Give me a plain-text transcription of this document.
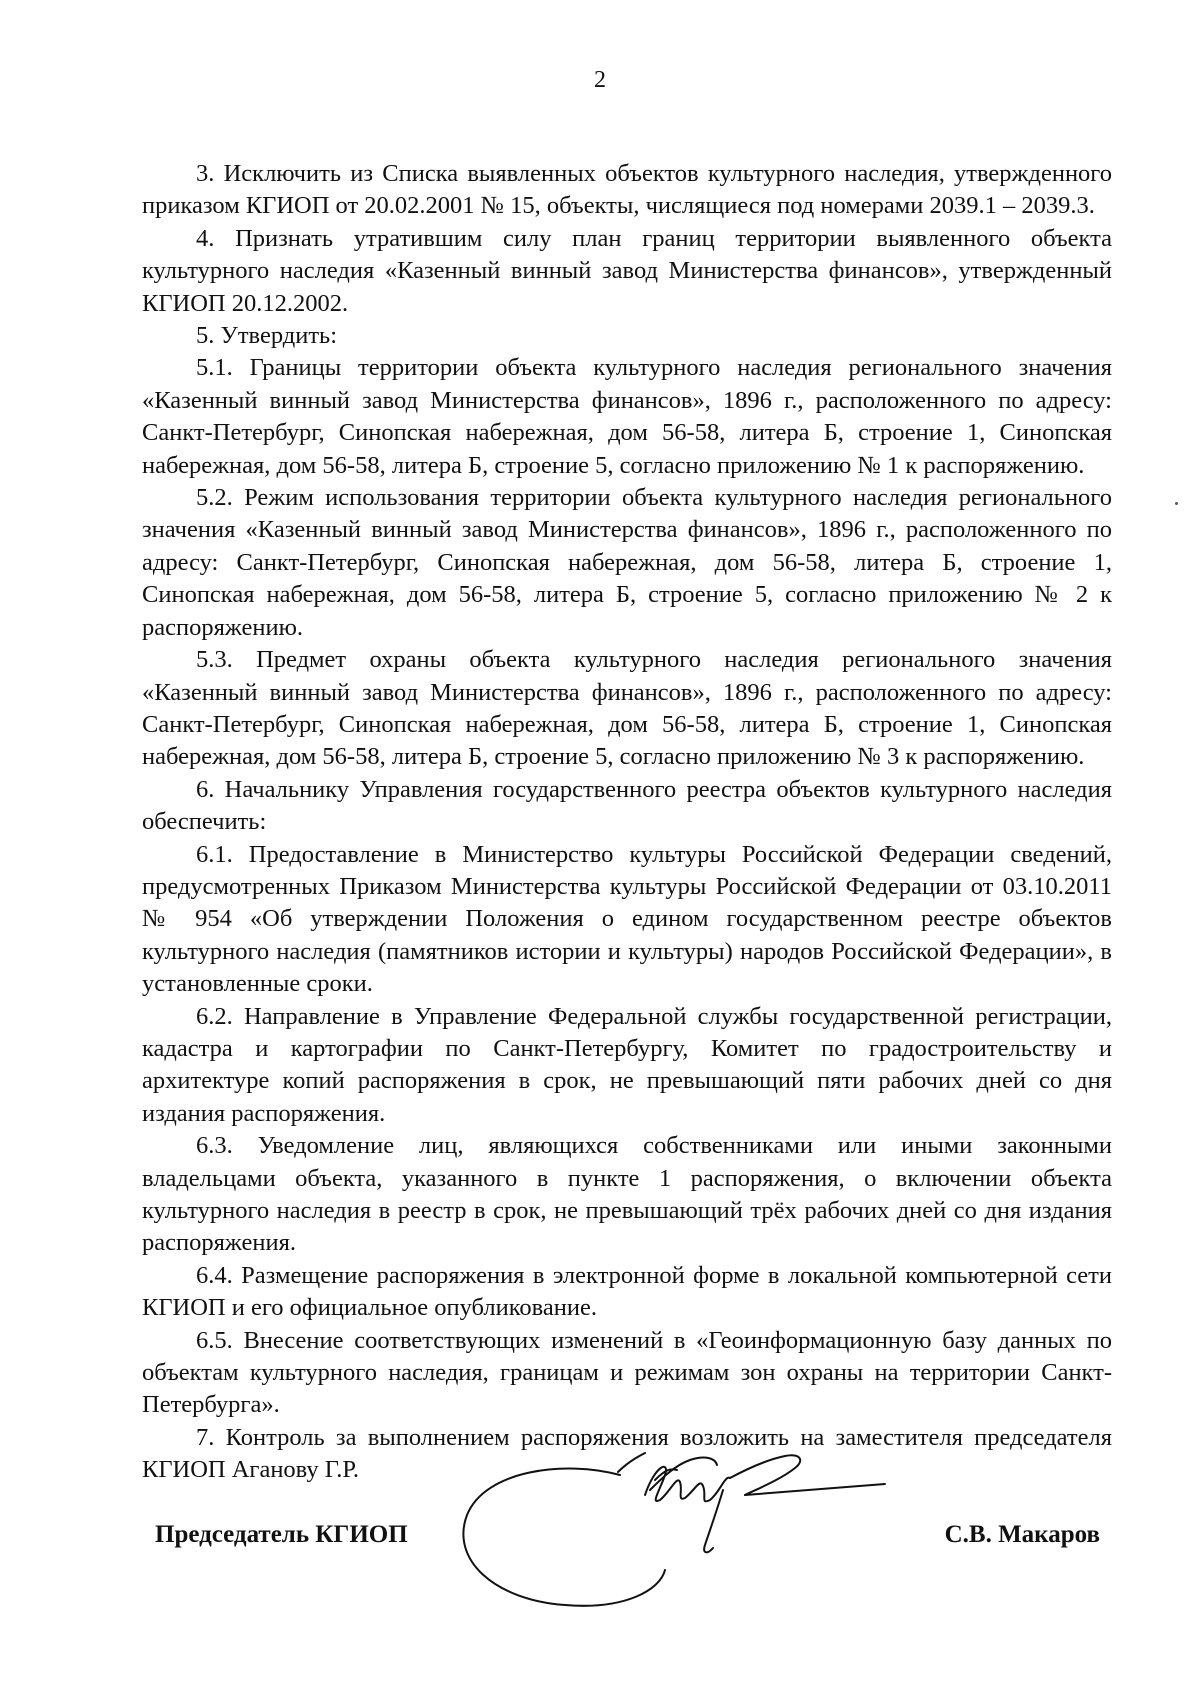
2

3. Исключить из Списка выявленных объектов культурного наследия, утвержденного приказом КГИОП от 20.02.2001 № 15, объекты, числящиеся под номерами 2039.1 – 2039.3.

4. Признать утратившим силу план границ территории выявленного объекта культурного наследия «Казенный винный завод Министерства финансов», утвержденный КГИОП 20.12.2002.

5. Утвердить:

5.1. Границы территории объекта культурного наследия регионального значения «Казенный винный завод Министерства финансов», 1896 г., расположенного по адресу: Санкт-Петербург, Синопская набережная, дом 56-58, литера Б, строение 1, Синопская набережная, дом 56-58, литера Б, строение 5, согласно приложению № 1 к распоряжению.

5.2. Режим использования территории объекта культурного наследия регионального значения «Казенный винный завод Министерства финансов», 1896 г., расположенного по адресу: Санкт-Петербург, Синопская набережная, дом 56-58, литера Б, строение 1, Синопская набережная, дом 56-58, литера Б, строение 5, согласно приложению № 2 к распоряжению.

5.3. Предмет охраны объекта культурного наследия регионального значения «Казенный винный завод Министерства финансов», 1896 г., расположенного по адресу: Санкт-Петербург, Синопская набережная, дом 56-58, литера Б, строение 1, Синопская набережная, дом 56-58, литера Б, строение 5, согласно приложению № 3 к распоряжению.

6. Начальнику Управления государственного реестра объектов культурного наследия обеспечить:

6.1. Предоставление в Министерство культуры Российской Федерации сведений, предусмотренных Приказом Министерства культуры Российской Федерации от 03.10.2011 № 954 «Об утверждении Положения о едином государственном реестре объектов культурного наследия (памятников истории и культуры) народов Российской Федерации», в установленные сроки.

6.2. Направление в Управление Федеральной службы государственной регистрации, кадастра и картографии по Санкт-Петербургу, Комитет по градостроительству и архитектуре копий распоряжения в срок, не превышающий пяти рабочих дней со дня издания распоряжения.

6.3. Уведомление лиц, являющихся собственниками или иными законными владельцами объекта, указанного в пункте 1 распоряжения, о включении объекта культурного наследия в реестр в срок, не превышающий трёх рабочих дней со дня издания распоряжения.

6.4. Размещение распоряжения в электронной форме в локальной компьютерной сети КГИОП и его официальное опубликование.

6.5. Внесение соответствующих изменений в «Геоинформационную базу данных по объектам культурного наследия, границам и режимам зон охраны на территории Санкт-Петербурга».

7. Контроль за выполнением распоряжения возложить на заместителя председателя КГИОП Аганову Г.Р.

Председатель КГИОП	С.В. Макаров
